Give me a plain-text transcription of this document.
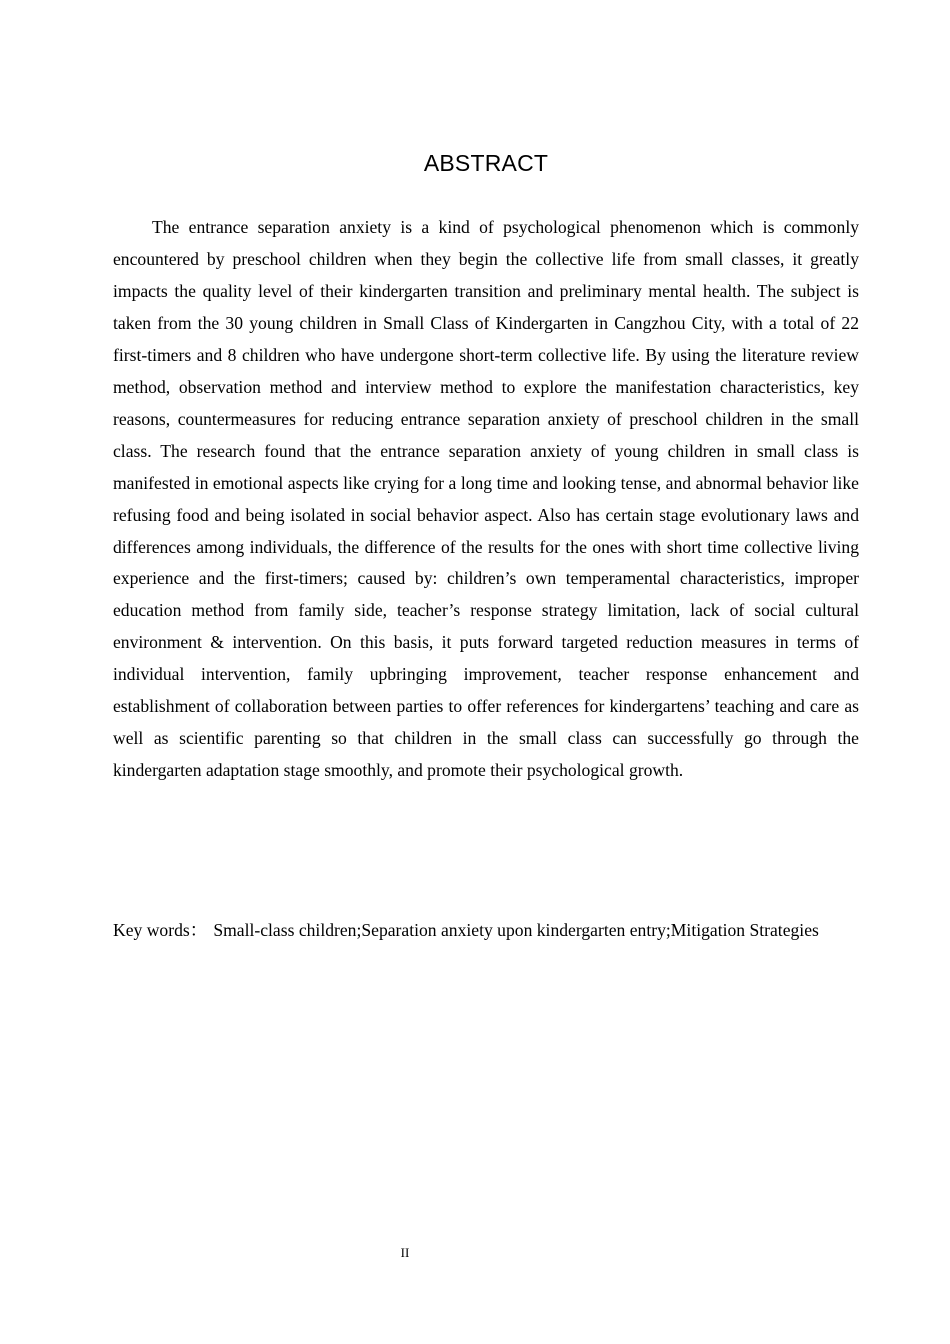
ABSTRACT

The entrance separation anxiety is a kind of psychological phenomenon which is commonly encountered by preschool children when they begin the collective life from small classes, it greatly impacts the quality level of their kindergarten transition and preliminary mental health. The subject is taken from the 30 young children in Small Class of Kindergarten in Cangzhou City, with a total of 22 first-timers and 8 children who have undergone short-term collective life. By using the literature review method, observation method and interview method to explore the manifestation characteristics, key reasons, countermeasures for reducing entrance separation anxiety of preschool children in the small class. The research found that the entrance separation anxiety of young children in small class is manifested in emotional aspects like crying for a long time and looking tense, and abnormal behavior like refusing food and being isolated in social behavior aspect. Also has certain stage evolutionary laws and differences among individuals, the difference of the results for the ones with short time collective living experience and the first-timers; caused by: children’s own temperamental characteristics, improper education method from family side, teacher’s response strategy limitation, lack of social cultural environment & intervention. On this basis, it puts forward targeted reduction measures in terms of individual intervention, family upbringing improvement, teacher response enhancement and establishment of collaboration between parties to offer references for kindergartens’ teaching and care as well as scientific parenting so that children in the small class can successfully go through the kindergarten adaptation stage smoothly, and promote their psychological growth.

Key words： Small-class children;Separation anxiety upon kindergarten entry;Mitigation Strategies

II
